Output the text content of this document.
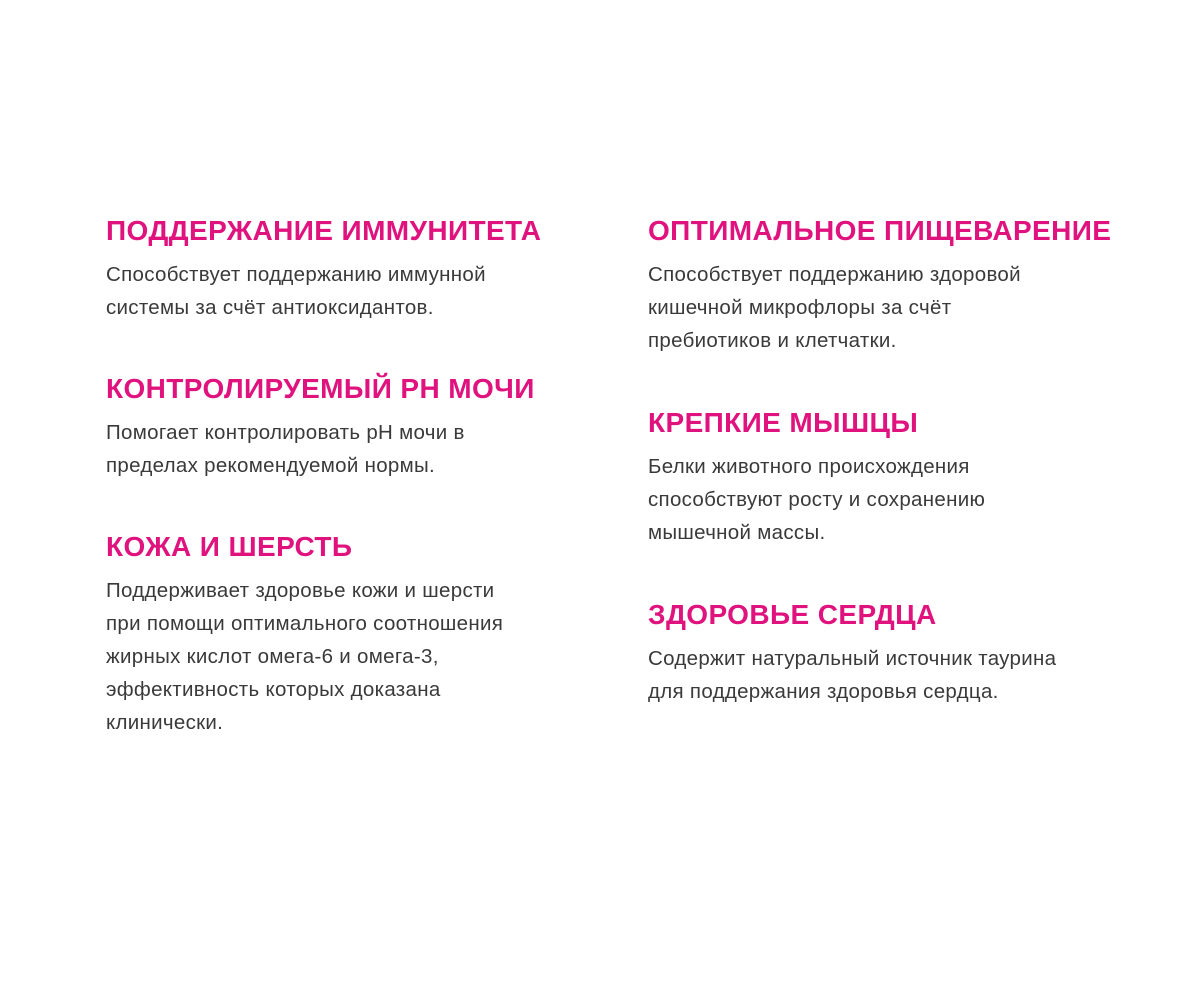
ПОДДЕРЖАНИЕ ИММУНИТЕТА

Способствует поддержанию иммунной
системы за счёт антиоксидантов.

КОНТРОЛИРУЕМЫЙ PH МОЧИ

Помогает контролировать pH мочи в
пределах рекомендуемой нормы.

КОЖА И ШЕРСТЬ

Поддерживает здоровье кожи и шерсти
при помощи оптимального соотношения
жирных кислот омега-6 и омега-3,
эффективность которых доказана
клинически.

ОПТИМАЛЬНОЕ ПИЩЕВАРЕНИЕ

Способствует поддержанию здоровой
кишечной микрофлоры за счёт
пребиотиков и клетчатки.

КРЕПКИЕ МЫШЦЫ

Белки животного происхождения
способствуют росту и сохранению
мышечной массы.

ЗДОРОВЬЕ СЕРДЦА

Содержит натуральный источник таурина
для поддержания здоровья сердца.
